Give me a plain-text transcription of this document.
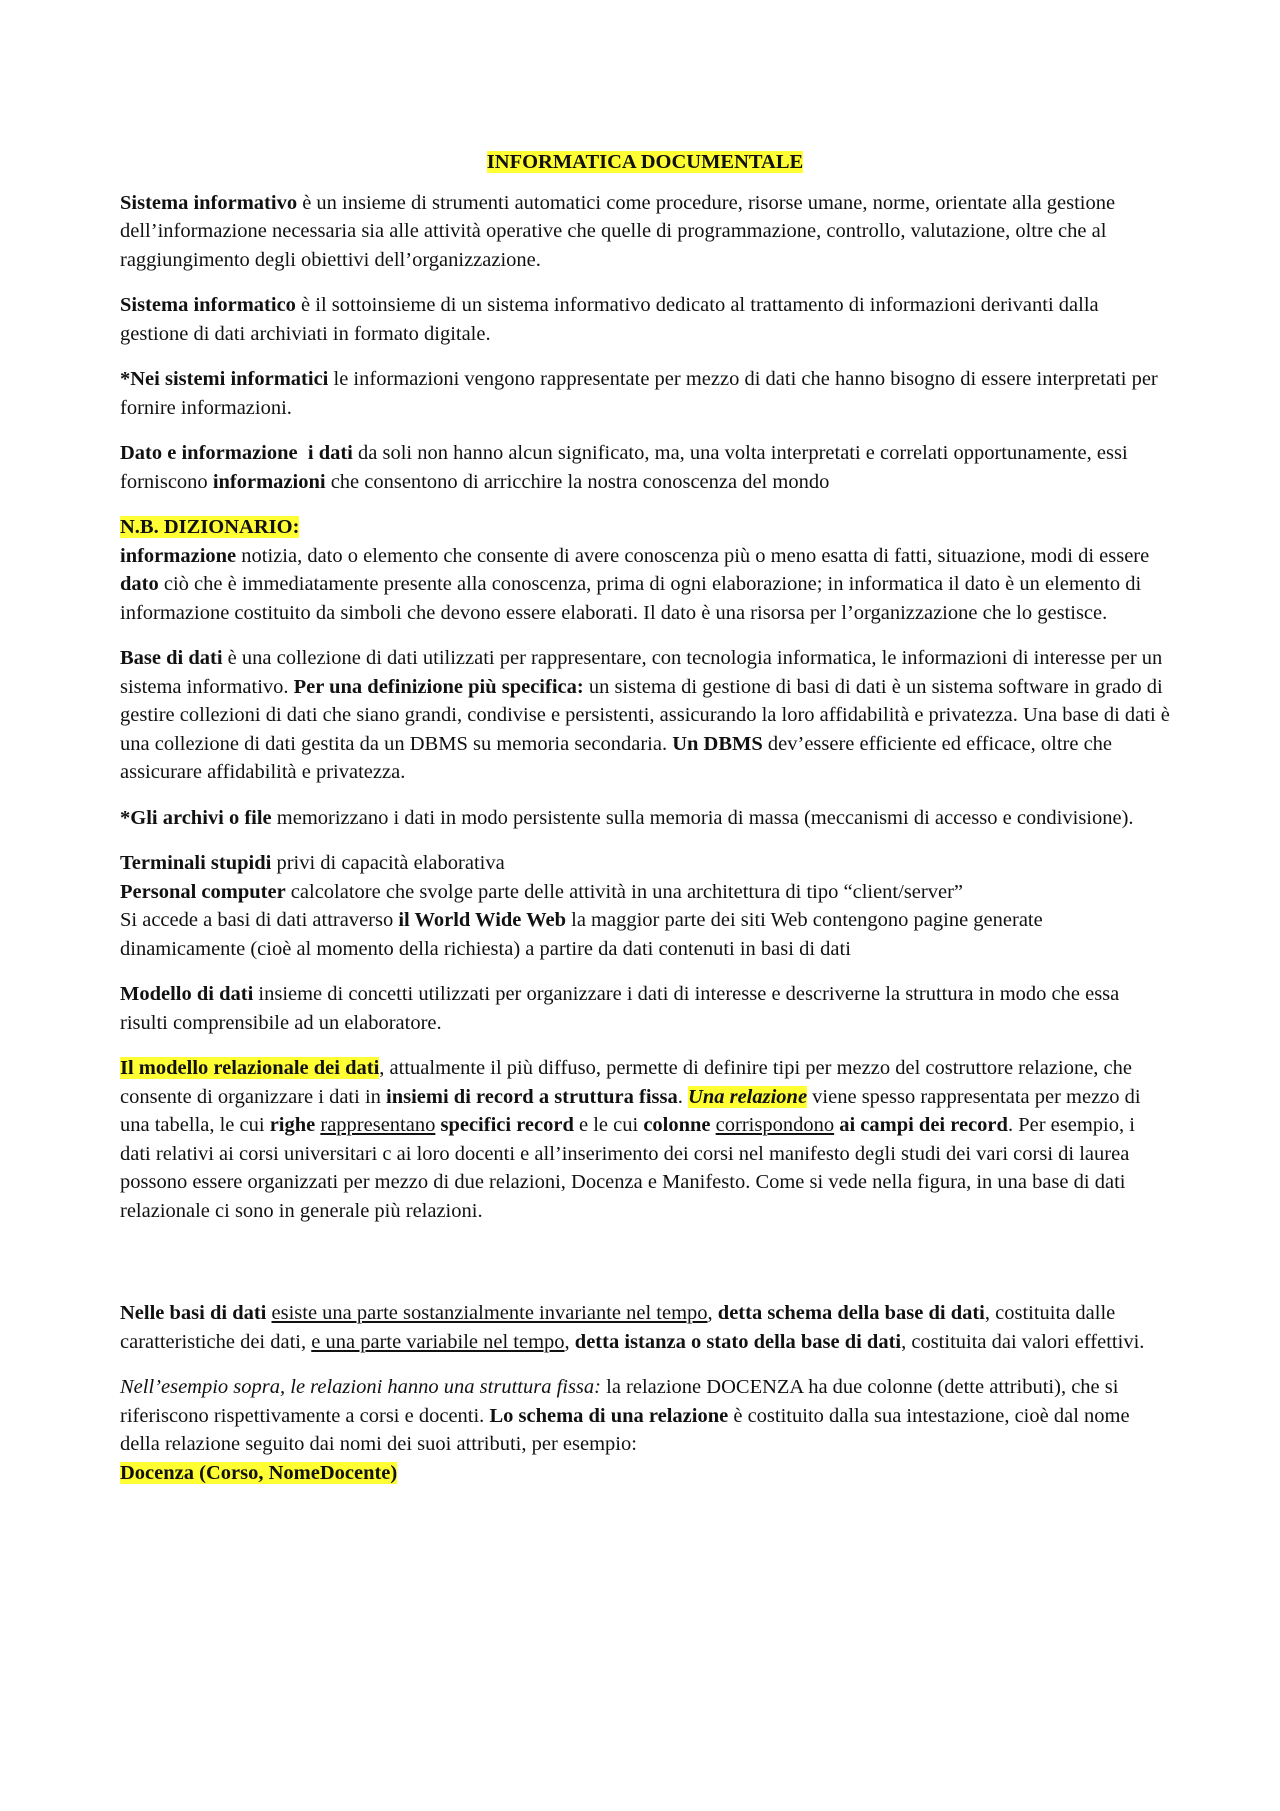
INFORMATICA DOCUMENTALE

Sistema informativo è un insieme di strumenti automatici come procedure, risorse umane, norme, orientate alla gestione dell’informazione necessaria sia alle attività operative che quelle di programmazione, controllo, valutazione, oltre che al raggiungimento degli obiettivi dell’organizzazione.

Sistema informatico è il sottoinsieme di un sistema informativo dedicato al trattamento di informazioni derivanti dalla gestione di dati archiviati in formato digitale.

*Nei sistemi informatici le informazioni vengono rappresentate per mezzo di dati che hanno bisogno di essere interpretati per fornire informazioni.

Dato e informazione i dati da soli non hanno alcun significato, ma, una volta interpretati e correlati opportunamente, essi forniscono informazioni che consentono di arricchire la nostra conoscenza del mondo

N.B. DIZIONARIO:
informazione notizia, dato o elemento che consente di avere conoscenza più o meno esatta di fatti, situazione, modi di essere
dato ciò che è immediatamente presente alla conoscenza, prima di ogni elaborazione; in informatica il dato è un elemento di informazione costituito da simboli che devono essere elaborati. Il dato è una risorsa per l’organizzazione che lo gestisce.

Base di dati è una collezione di dati utilizzati per rappresentare, con tecnologia informatica, le informazioni di interesse per un sistema informativo. Per una definizione più specifica: un sistema di gestione di basi di dati è un sistema software in grado di gestire collezioni di dati che siano grandi, condivise e persistenti, assicurando la loro affidabilità e privatezza. Una base di dati è una collezione di dati gestita da un DBMS su memoria secondaria. Un DBMS dev’essere efficiente ed efficace, oltre che assicurare affidabilità e privatezza.

*Gli archivi o file memorizzano i dati in modo persistente sulla memoria di massa (meccanismi di accesso e condivisione).

Terminali stupidi privi di capacità elaborativa
Personal computer calcolatore che svolge parte delle attività in una architettura di tipo “client/server”
Si accede a basi di dati attraverso il World Wide Web la maggior parte dei siti Web contengono pagine generate dinamicamente (cioè al momento della richiesta) a partire da dati contenuti in basi di dati

Modello di dati insieme di concetti utilizzati per organizzare i dati di interesse e descriverne la struttura in modo che essa risulti comprensibile ad un elaboratore.

Il modello relazionale dei dati, attualmente il più diffuso, permette di definire tipi per mezzo del costruttore relazione, che consente di organizzare i dati in insiemi di record a struttura fissa. Una relazione viene spesso rappresentata per mezzo di una tabella, le cui righe rappresentano specifici record e le cui colonne corrispondono ai campi dei record. Per esempio, i dati relativi ai corsi universitari c ai loro docenti e all’inserimento dei corsi nel manifesto degli studi dei vari corsi di laurea possono essere organizzati per mezzo di due relazioni, Docenza e Manifesto. Come si vede nella figura, in una base di dati relazionale ci sono in generale più relazioni.

Nelle basi di dati esiste una parte sostanzialmente invariante nel tempo, detta schema della base di dati, costituita dalle caratteristiche dei dati, e una parte variabile nel tempo, detta istanza o stato della base di dati, costituita dai valori effettivi.

Nell’esempio sopra, le relazioni hanno una struttura fissa: la relazione DOCENZA ha due colonne (dette attributi), che si riferiscono rispettivamente a corsi e docenti. Lo schema di una relazione è costituito dalla sua intestazione, cioè dal nome della relazione seguito dai nomi dei suoi attributi, per esempio:
Docenza (Corso, NomeDocente)
